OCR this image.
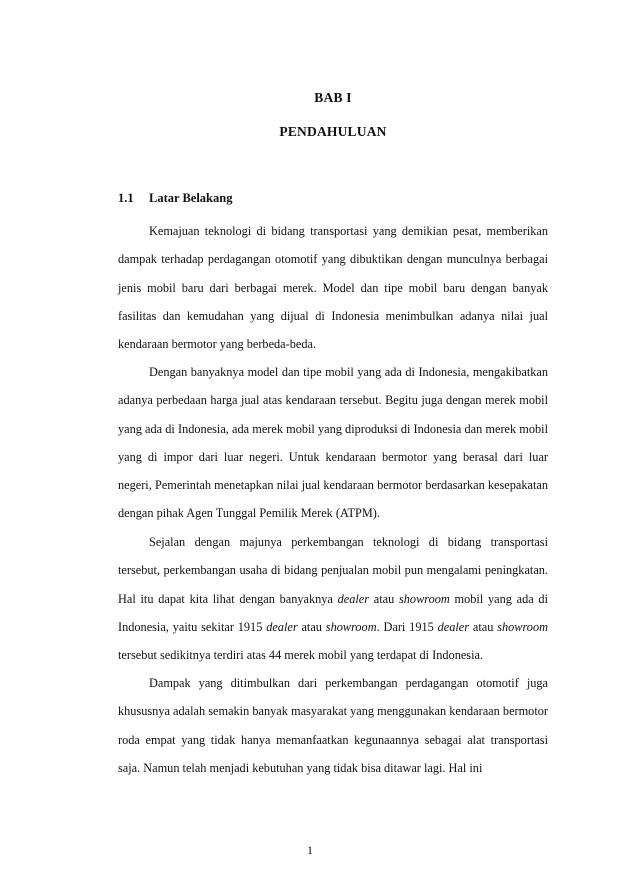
BAB I
PENDAHULUAN
1.1 Latar Belakang

Kemajuan teknologi di bidang transportasi yang demikian pesat, memberikan dampak terhadap perdagangan otomotif yang dibuktikan dengan munculnya berbagai jenis mobil baru dari berbagai merek. Model dan tipe mobil baru dengan banyak fasilitas dan kemudahan yang dijual di Indonesia menimbulkan adanya nilai jual kendaraan bermotor yang berbeda-beda.

Dengan banyaknya model dan tipe mobil yang ada di Indonesia, mengakibatkan adanya perbedaan harga jual atas kendaraan tersebut. Begitu juga dengan merek mobil yang ada di Indonesia, ada merek mobil yang diproduksi di Indonesia dan merek mobil yang di impor dari luar negeri. Untuk kendaraan bermotor yang berasal dari luar negeri, Pemerintah menetapkan nilai jual kendaraan bermotor berdasarkan kesepakatan dengan pihak Agen Tunggal Pemilik Merek (ATPM).

Sejalan dengan majunya perkembangan teknologi di bidang transportasi tersebut, perkembangan usaha di bidang penjualan mobil pun mengalami peningkatan. Hal itu dapat kita lihat dengan banyaknya dealer atau showroom mobil yang ada di Indonesia, yaitu sekitar 1915 dealer atau showroom. Dari 1915 dealer atau showroom tersebut sedikitnya terdiri atas 44 merek mobil yang terdapat di Indonesia.

Dampak yang ditimbulkan dari perkembangan perdagangan otomotif juga khususnya adalah semakin banyak masyarakat yang menggunakan kendaraan bermotor roda empat yang tidak hanya memanfaatkan kegunaannya sebagai alat transportasi saja. Namun telah menjadi kebutuhan yang tidak bisa ditawar lagi. Hal ini

1
